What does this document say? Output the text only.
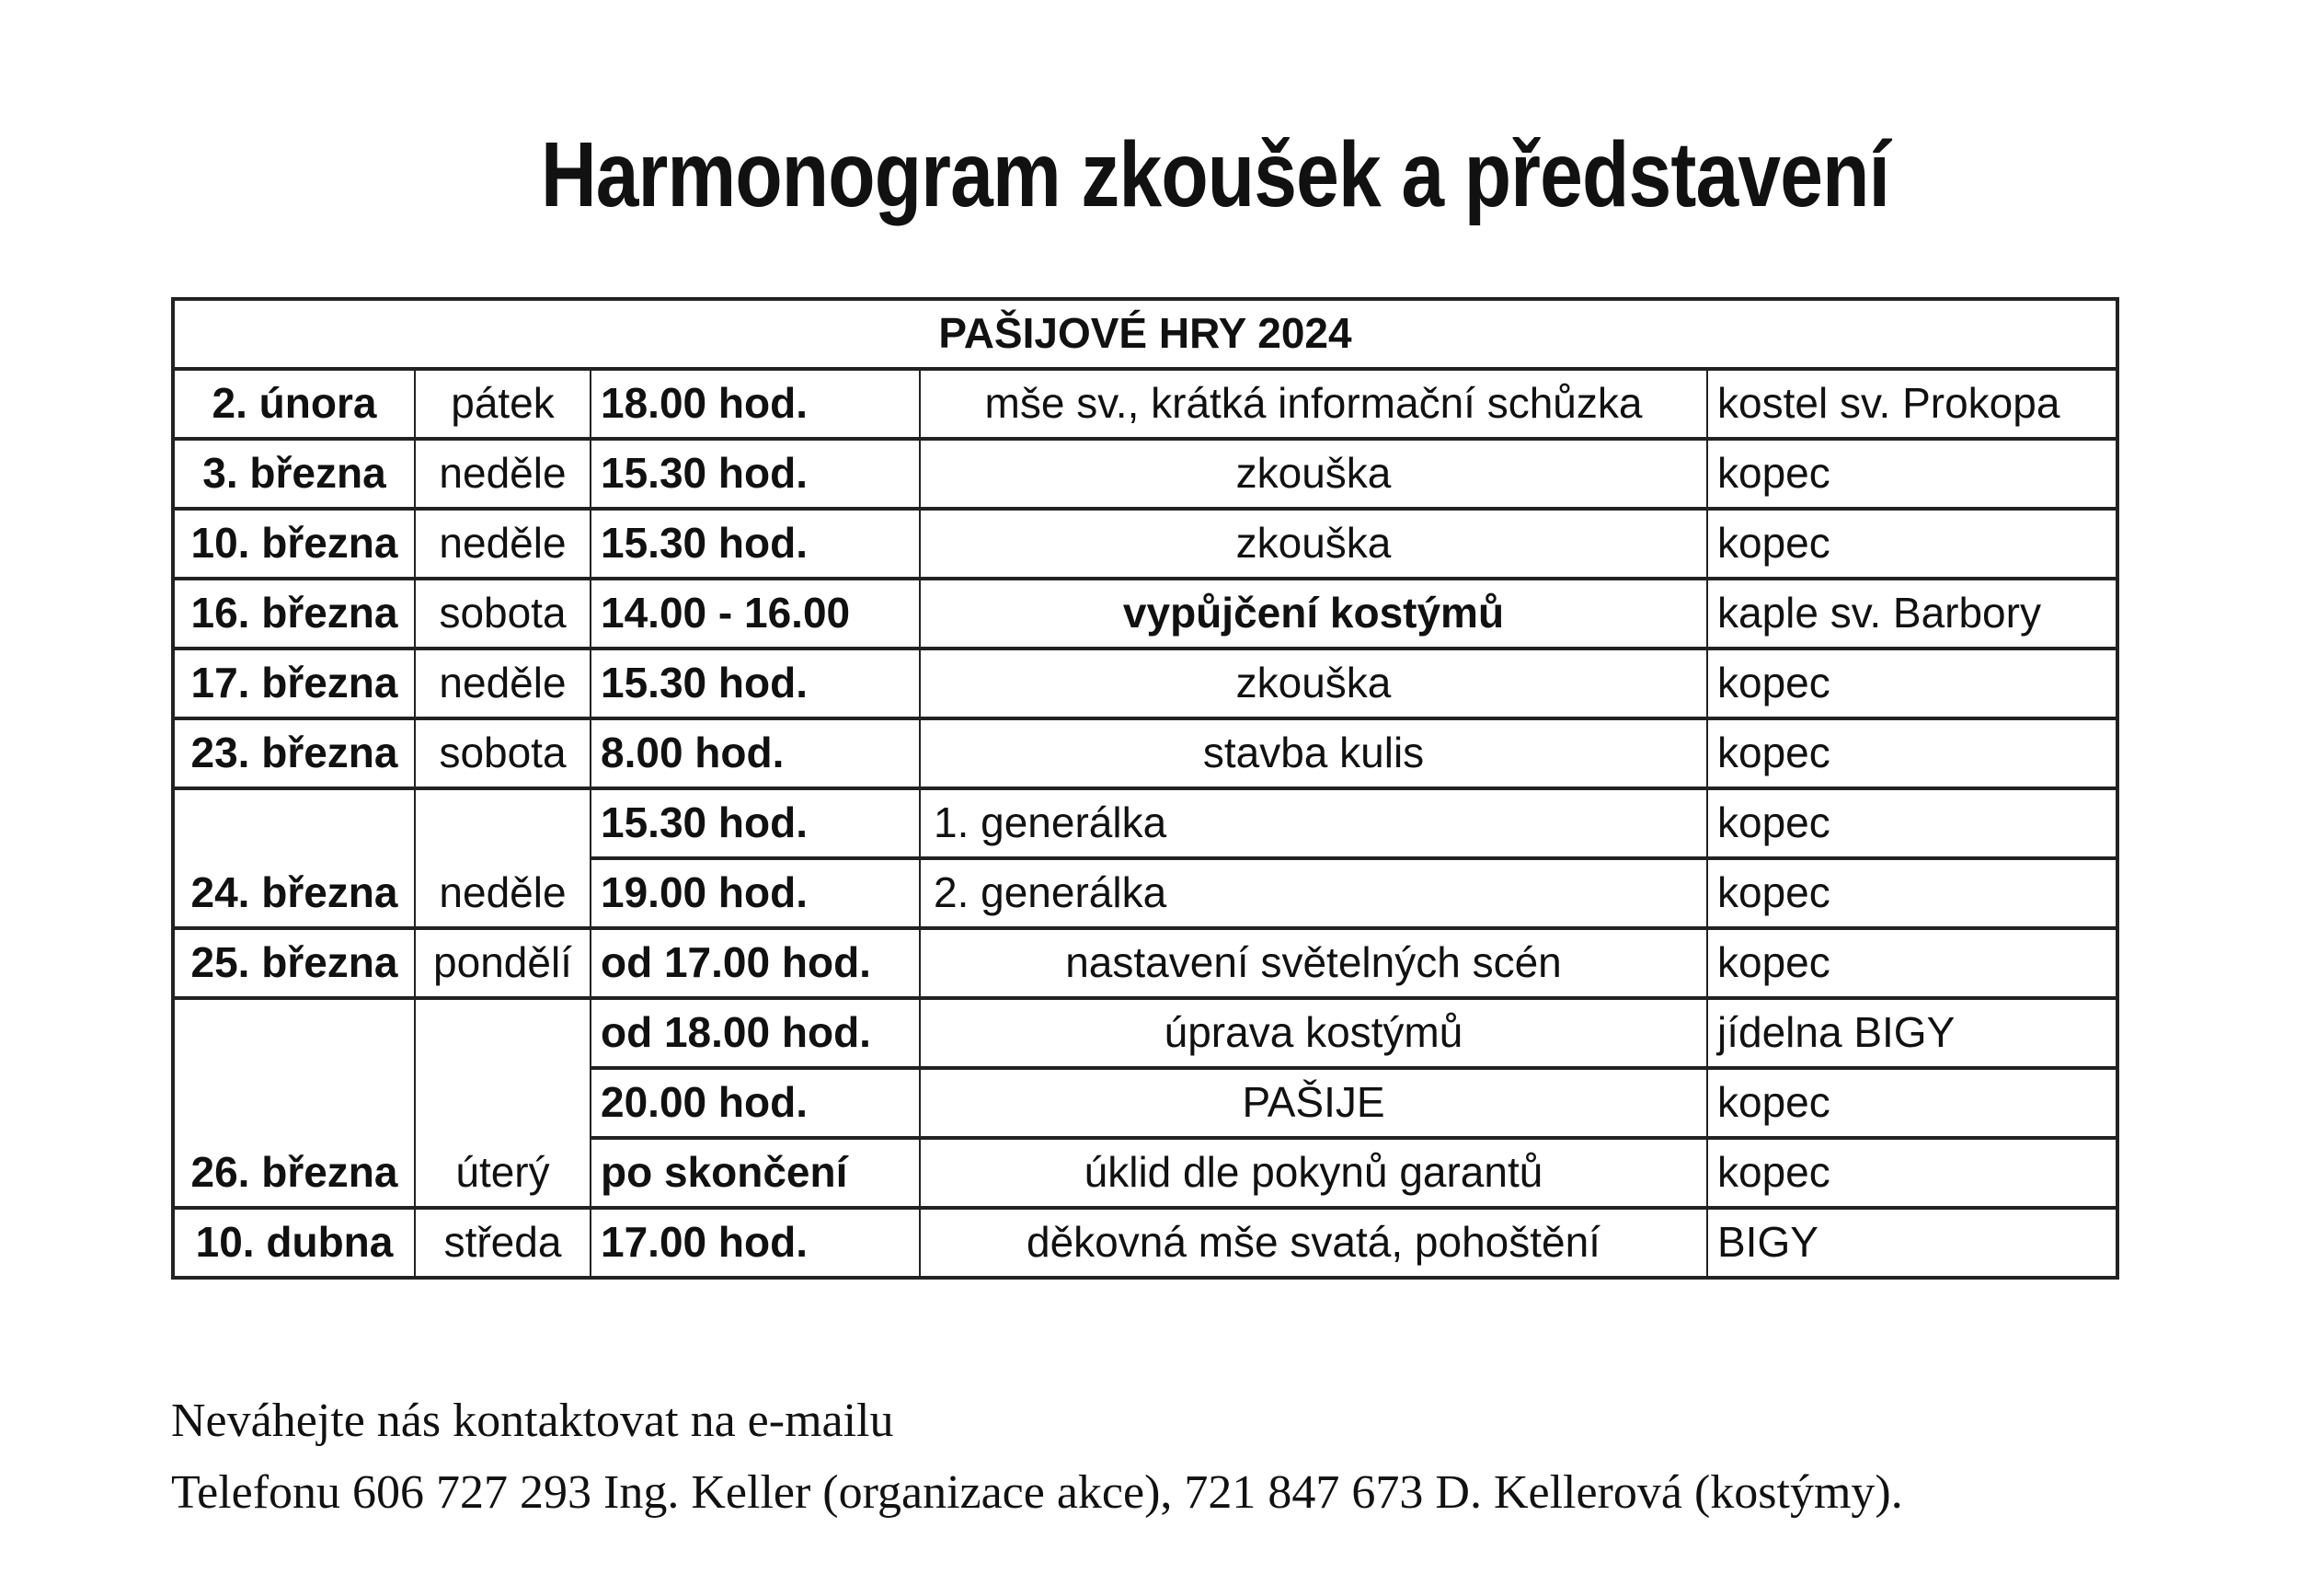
Harmonogram zkoušek a představení
PAŠIJOVÉ HRY 2024				
2. února	pátek	18.00 hod.	mše sv., krátká informační schůzka	kostel sv. Prokopa
3. března	neděle	15.30 hod.	zkouška	kopec
10. března	neděle	15.30 hod.	zkouška	kopec
16. března	sobota	14.00 - 16.00	vypůjčení kostýmů	kaple sv. Barbory
17. března	neděle	15.30 hod.	zkouška	kopec
23. března	sobota	8.00 hod.	stavba kulis	kopec
24. března	neděle	15.30 hod.	1. generálka	kopec
		19.00 hod.	2. generálka	kopec
25. března	pondělí	od 17.00 hod.	nastavení světelných scén	kopec
26. března	úterý	od 18.00 hod.	úprava kostýmů	jídelna BIGY
		20.00 hod.	PAŠIJE	kopec
		po skončení	úklid dle pokynů garantů	kopec
10. dubna	středa	17.00 hod.	děkovná mše svatá, pohoštění	BIGY
Neváhejte nás kontaktovat na e-mailu
Telefonu 606 727 293 Ing. Keller (organizace akce), 721 847 673 D. Kellerová (kostýmy).
